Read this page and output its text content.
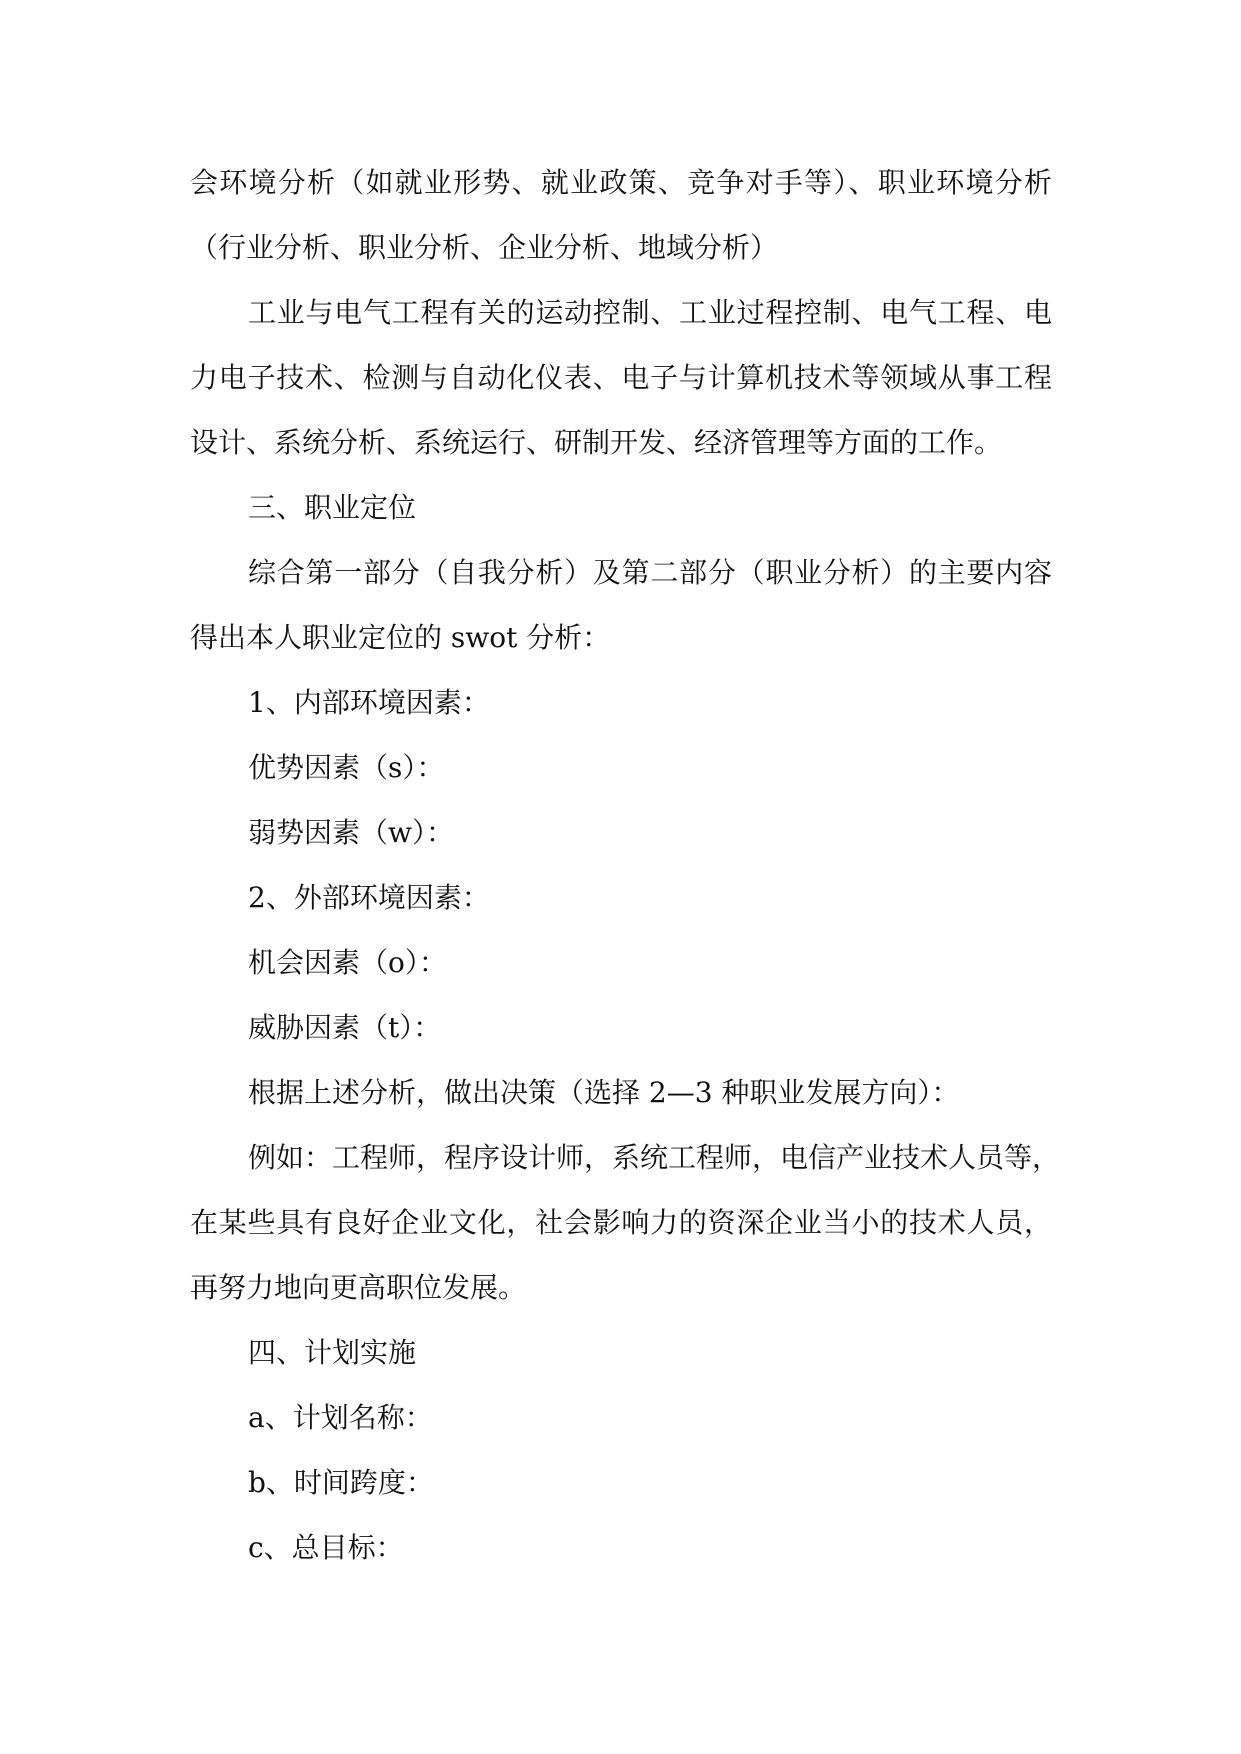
会环境分析（如就业形势、就业政策、竞争对手等）、职业环境分析

（行业分析、职业分析、企业分析、地域分析）

工业与电气工程有关的运动控制、工业过程控制、电气工程、电

力电子技术、检测与自动化仪表、电子与计算机技术等领域从事工程

设计、系统分析、系统运行、研制开发、经济管理等方面的工作。

三、职业定位

综合第一部分（自我分析）及第二部分（职业分析）的主要内容

得出本人职业定位的 swot 分析：

1、内部环境因素：

优势因素（s）：

弱势因素（w）：

2、外部环境因素：

机会因素（o）：

威胁因素（t）：

根据上述分析，做出决策（选择 2—3 种职业发展方向）：

例如：工程师，程序设计师，系统工程师，电信产业技术人员等，

在某些具有良好企业文化，社会影响力的资深企业当小的技术人员，

再努力地向更高职位发展。

四、计划实施

a、计划名称：

b、时间跨度：

c、总目标：
